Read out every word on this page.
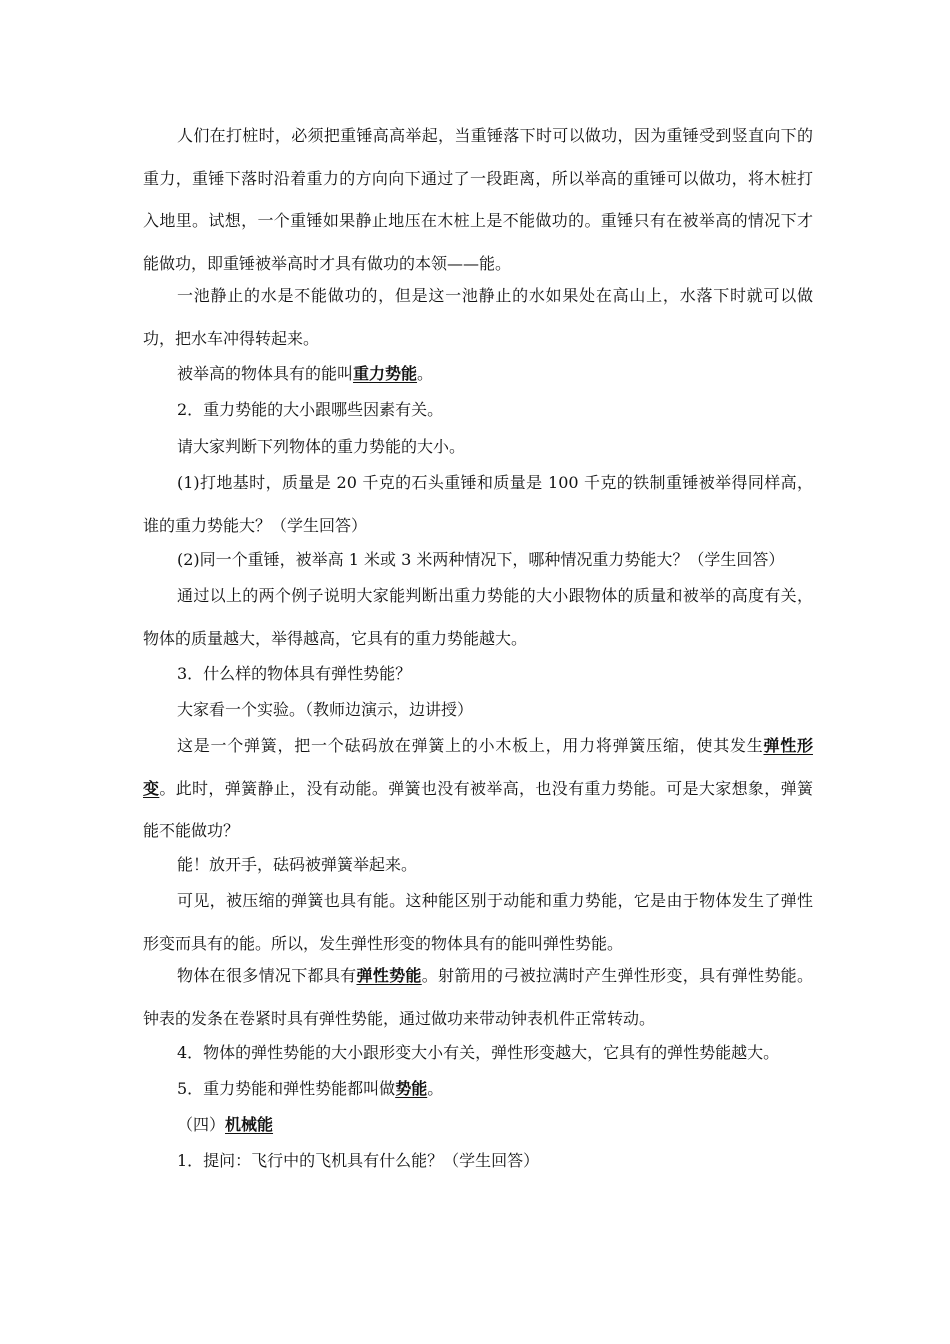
人们在打桩时，必须把重锤高高举起，当重锤落下时可以做功，因为重锤受到竖直向下的重力，重锤下落时沿着重力的方向向下通过了一段距离，所以举高的重锤可以做功，将木桩打入地里。试想，一个重锤如果静止地压在木桩上是不能做功的。重锤只有在被举高的情况下才能做功，即重锤被举高时才具有做功的本领——能。

一池静止的水是不能做功的，但是这一池静止的水如果处在高山上，水落下时就可以做功，把水车冲得转起来。

被举高的物体具有的能叫重力势能。

2．重力势能的大小跟哪些因素有关。

请大家判断下列物体的重力势能的大小。

(1)打地基时，质量是 20 千克的石头重锤和质量是 100 千克的铁制重锤被举得同样高，谁的重力势能大？（学生回答）

(2)同一个重锤，被举高 1 米或 3 米两种情况下，哪种情况重力势能大？（学生回答）

通过以上的两个例子说明大家能判断出重力势能的大小跟物体的质量和被举的高度有关，物体的质量越大，举得越高，它具有的重力势能越大。

3．什么样的物体具有弹性势能？

大家看一个实验。（教师边演示，边讲授）

这是一个弹簧，把一个砝码放在弹簧上的小木板上，用力将弹簧压缩，使其发生弹性形变。此时，弹簧静止，没有动能。弹簧也没有被举高，也没有重力势能。可是大家想象，弹簧能不能做功？

能！放开手，砝码被弹簧举起来。

可见，被压缩的弹簧也具有能。这种能区别于动能和重力势能，它是由于物体发生了弹性形变而具有的能。所以，发生弹性形变的物体具有的能叫弹性势能。

物体在很多情况下都具有弹性势能。射箭用的弓被拉满时产生弹性形变，具有弹性势能。钟表的发条在卷紧时具有弹性势能，通过做功来带动钟表机件正常转动。

4．物体的弹性势能的大小跟形变大小有关，弹性形变越大，它具有的弹性势能越大。

5．重力势能和弹性势能都叫做势能。

（四）机械能

1．提问：飞行中的飞机具有什么能？（学生回答）
